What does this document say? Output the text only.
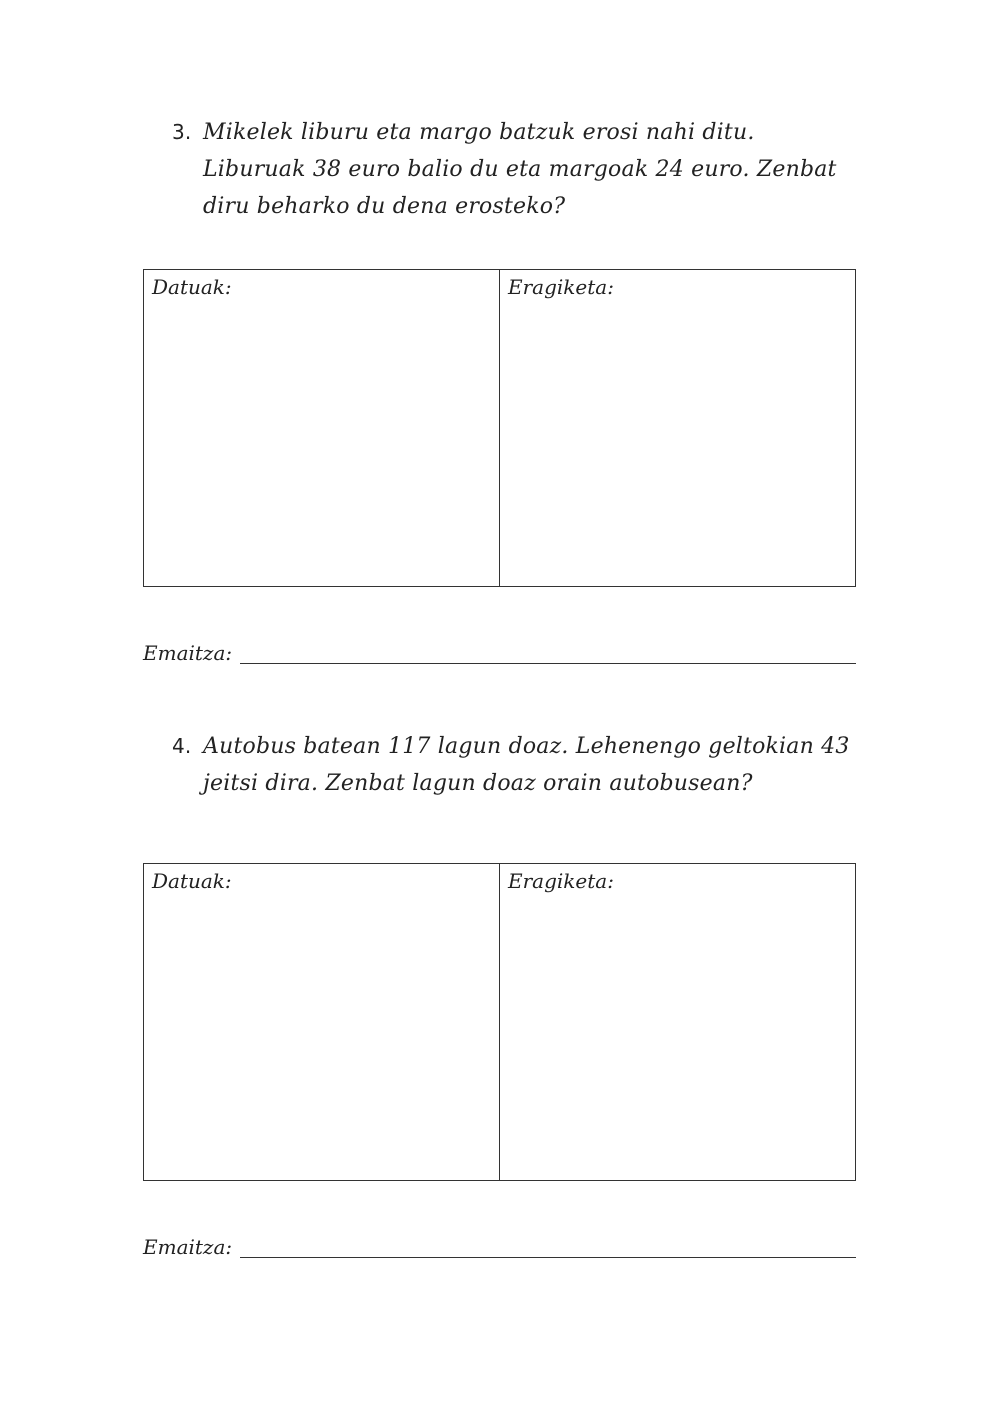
3. Mikelek liburu eta margo batzuk erosi nahi ditu. Liburuak 38 euro balio du eta margoak 24 euro. Zenbat diru beharko du dena erosteko?
Datuak:	Eragiketa:
Emaitza:
4. Autobus batean 117 lagun doaz. Lehenengo geltokian 43 jeitsi dira. Zenbat lagun doaz orain autobusean?
Datuak:	Eragiketa:
Emaitza:
